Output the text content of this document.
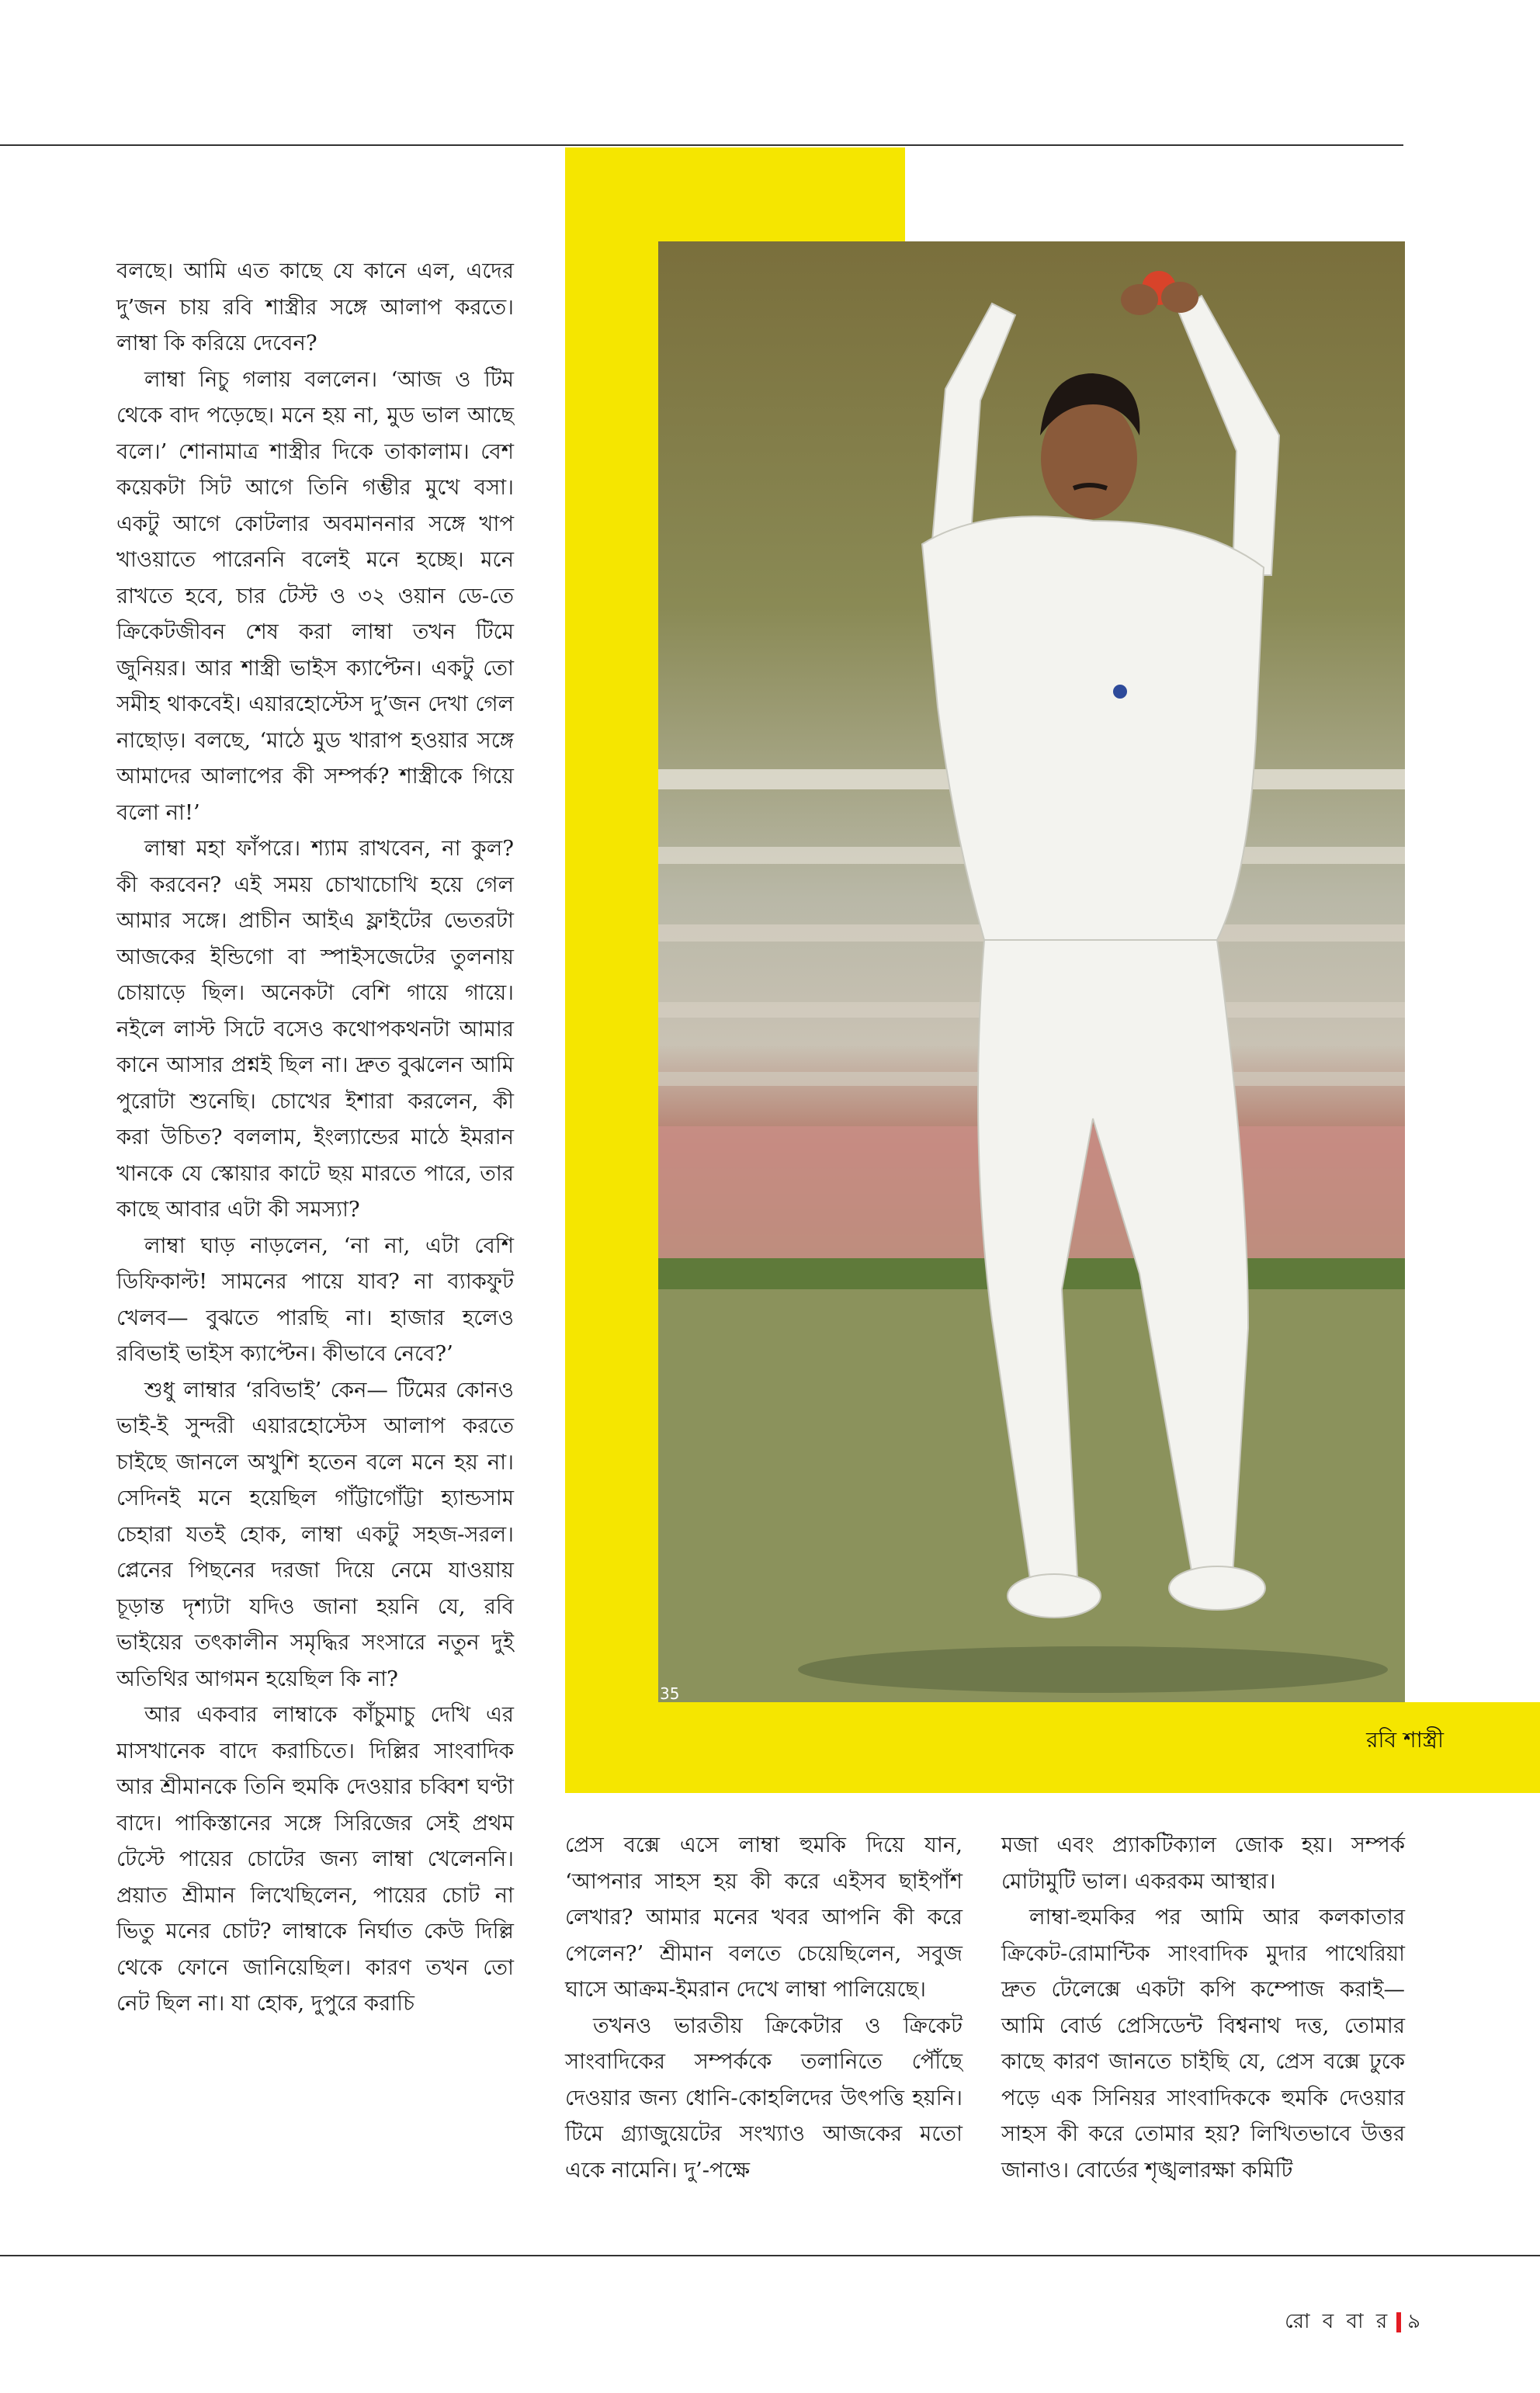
35
রবি শাস্ত্রী

বলছে। আমি এত কাছে যে কানে এল, এদের দু’জন চায় রবি শাস্ত্রীর সঙ্গে আলাপ করতে। লাম্বা কি করিয়ে দেবেন?

লাম্বা নিচু গলায় বললেন। ‘আজ ও টিম থেকে বাদ পড়েছে। মনে হয় না, মুড ভাল আছে বলে।’ শোনামাত্র শাস্ত্রীর দিকে তাকালাম। বেশ কয়েকটা সিট আগে তিনি গম্ভীর মুখে বসা। একটু আগে কোটলার অবমাননার সঙ্গে খাপ খাওয়াতে পারেননি বলেই মনে হচ্ছে। মনে রাখতে হবে, চার টেস্ট ও ৩২ ওয়ান ডে-তে ক্রিকেটজীবন শেষ করা লাম্বা তখন টিমে জুনিয়র। আর শাস্ত্রী ভাইস ক্যাপ্টেন। একটু তো সমীহ থাকবেই। এয়ারহোস্টেস দু’জন দেখা গেল নাছোড়। বলছে, ‘মাঠে মুড খারাপ হওয়ার সঙ্গে আমাদের আলাপের কী সম্পর্ক? শাস্ত্রীকে গিয়ে বলো না!’

লাম্বা মহা ফাঁপরে। শ্যাম রাখবেন, না কুল? কী করবেন? এই সময় চোখাচোখি হয়ে গেল আমার সঙ্গে। প্রাচীন আইএ ফ্লাইটের ভেতরটা আজকের ইন্ডিগো বা স্পাইসজেটের তুলনায় চোয়াড়ে ছিল। অনেকটা বেশি গায়ে গায়ে। নইলে লাস্ট সিটে বসেও কথোপকথনটা আমার কানে আসার প্রশ্নই ছিল না। দ্রুত বুঝলেন আমি পুরোটা শুনেছি। চোখের ইশারা করলেন, কী করা উচিত? বললাম, ইংল্যান্ডের মাঠে ইমরান খানকে যে স্কোয়ার কাটে ছয় মারতে পারে, তার কাছে আবার এটা কী সমস্যা?

লাম্বা ঘাড় নাড়লেন, ‘না না, এটা বেশি ডিফিকাল্ট! সামনের পায়ে যাব? না ব্যাকফুট খেলব— বুঝতে পারছি না। হাজার হলেও রবিভাই ভাইস ক্যাপ্টেন। কীভাবে নেবে?’

শুধু লাম্বার ‘রবিভাই’ কেন— টিমের কোনও ভাই-ই সুন্দরী এয়ারহোস্টেস আলাপ করতে চাইছে জানলে অখুশি হতেন বলে মনে হয় না। সেদিনই মনে হয়েছিল গাঁট্টাগোঁট্টা হ্যান্ডসাম চেহারা যতই হোক, লাম্বা একটু সহজ-সরল। প্লেনের পিছনের দরজা দিয়ে নেমে যাওয়ায় চূড়ান্ত দৃশ্যটা যদিও জানা হয়নি যে, রবি ভাইয়ের তৎকালীন সমৃদ্ধির সংসারে নতুন দুই অতিথির আগমন হয়েছিল কি না?

আর একবার লাম্বাকে কাঁচুমাচু দেখি এর মাসখানেক বাদে করাচিতে। দিল্লির সাংবাদিক আর শ্রীমানকে তিনি হুমকি দেওয়ার চব্বিশ ঘণ্টা বাদে। পাকিস্তানের সঙ্গে সিরিজের সেই প্রথম টেস্টে পায়ের চোটের জন্য লাম্বা খেলেননি। প্রয়াত শ্রীমান লিখেছিলেন, পায়ের চোট না ভিতু মনের চোট? লাম্বাকে নির্ঘাত কেউ দিল্লি থেকে ফোনে জানিয়েছিল। কারণ তখন তো নেট ছিল না। যা হোক, দুপুরে করাচি

প্রেস বক্সে এসে লাম্বা হুমকি দিয়ে যান, ‘আপনার সাহস হয় কী করে এইসব ছাইপাঁশ লেখার? আমার মনের খবর আপনি কী করে পেলেন?’ শ্রীমান বলতে চেয়েছিলেন, সবুজ ঘাসে আক্রম-ইমরান দেখে লাম্বা পালিয়েছে।

তখনও ভারতীয় ক্রিকেটার ও ক্রিকেট সাংবাদিকের সম্পর্ককে তলানিতে পৌঁছে দেওয়ার জন্য ধোনি-কোহলিদের উৎপত্তি হয়নি। টিমে গ্র্যাজুয়েটের সংখ্যাও আজকের মতো একে নামেনি। দু’-পক্ষে

মজা এবং প্র্যাকটিক্যাল জোক হয়। সম্পর্ক মোটামুটি ভাল। একরকম আস্থার।

লাম্বা-হুমকির পর আমি আর কলকাতার ক্রিকেট-রোমান্টিক সাংবাদিক মুদার পাথেরিয়া দ্রুত টেলেক্সে একটা কপি কম্পোজ করাই— আমি বোর্ড প্রেসিডেন্ট বিশ্বনাথ দত্ত, তোমার কাছে কারণ জানতে চাইছি যে, প্রেস বক্সে ঢুকে পড়ে এক সিনিয়র সাংবাদিককে হুমকি দেওয়ার সাহস কী করে তোমার হয়? লিখিতভাবে উত্তর জানাও। বোর্ডের শৃঙ্খলারক্ষা কমিটি

রো ব বা র ৯
